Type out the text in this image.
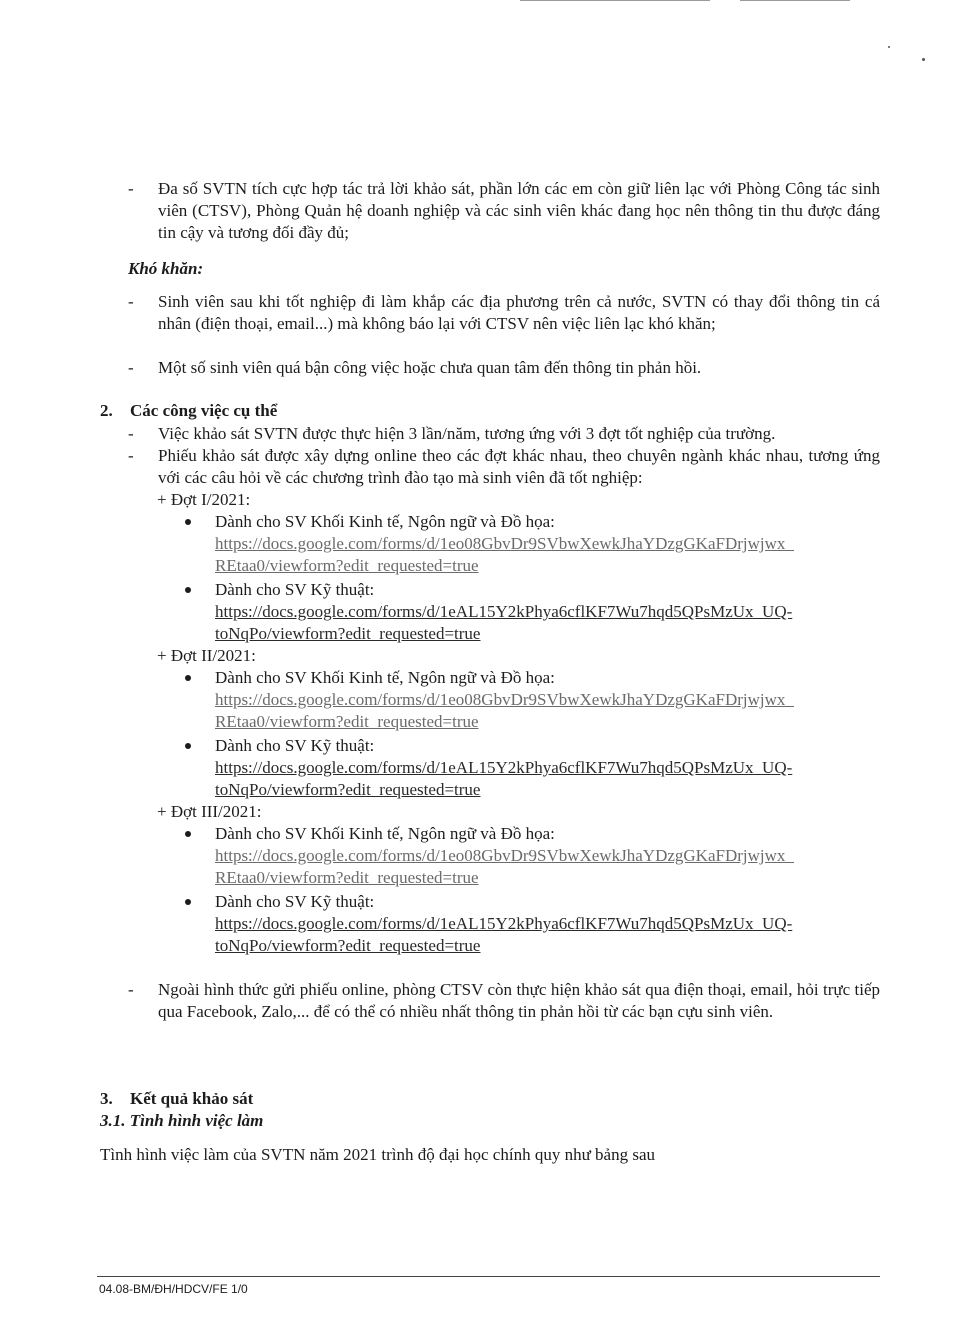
-	Đa số SVTN tích cực hợp tác trả lời khảo sát, phần lớn các em còn giữ liên lạc với Phòng Công tác sinh viên (CTSV), Phòng Quản hệ doanh nghiệp và các sinh viên khác đang học nên thông tin thu được đáng tin cậy và tương đối đầy đủ;
Khó khăn:
-	Sinh viên sau khi tốt nghiệp đi làm khắp các địa phương trên cả nước, SVTN có thay đổi thông tin cá nhân (điện thoại, email...) mà không báo lại với CTSV nên việc liên lạc khó khăn;
-	Một số sinh viên quá bận công việc hoặc chưa quan tâm đến thông tin phản hồi.
2. Các công việc cụ thể
-	Việc khảo sát SVTN được thực hiện 3 lần/năm, tương ứng với 3 đợt tốt nghiệp của trường.
-	Phiếu khảo sát được xây dựng online theo các đợt khác nhau, theo chuyên ngành khác nhau, tương ứng với các câu hỏi về các chương trình đào tạo mà sinh viên đã tốt nghiệp:
+ Đợt I/2021:
Dành cho SV Khối Kinh tế, Ngôn ngữ và Đồ họa:
https://docs.google.com/forms/d/1eo08GbvDr9SVbwXewkJhaYDzgGKaFDrjwjwx_
REtaa0/viewform?edit_requested=true
Dành cho SV Kỹ thuật:
https://docs.google.com/forms/d/1eAL15Y2kPhya6cflKF7Wu7hqd5QPsMzUx_UQ-
toNqPo/viewform?edit_requested=true
+ Đợt II/2021:
Dành cho SV Khối Kinh tế, Ngôn ngữ và Đồ họa:
https://docs.google.com/forms/d/1eo08GbvDr9SVbwXewkJhaYDzgGKaFDrjwjwx_
REtaa0/viewform?edit_requested=true
Dành cho SV Kỹ thuật:
https://docs.google.com/forms/d/1eAL15Y2kPhya6cflKF7Wu7hqd5QPsMzUx_UQ-
toNqPo/viewform?edit_requested=true
+ Đợt III/2021:
Dành cho SV Khối Kinh tế, Ngôn ngữ và Đồ họa:
https://docs.google.com/forms/d/1eo08GbvDr9SVbwXewkJhaYDzgGKaFDrjwjwx_
REtaa0/viewform?edit_requested=true
Dành cho SV Kỹ thuật:
https://docs.google.com/forms/d/1eAL15Y2kPhya6cflKF7Wu7hqd5QPsMzUx_UQ-
toNqPo/viewform?edit_requested=true
-	Ngoài hình thức gửi phiếu online, phòng CTSV còn thực hiện khảo sát qua điện thoại, email, hỏi trực tiếp qua Facebook, Zalo,... để có thể có nhiều nhất thông tin phản hồi từ các bạn cựu sinh viên.
3. Kết quả khảo sát
3.1. Tình hình việc làm
Tình hình việc làm của SVTN năm 2021 trình độ đại học chính quy như bảng sau
04.08-BM/ĐH/HDCV/FE 1/0
